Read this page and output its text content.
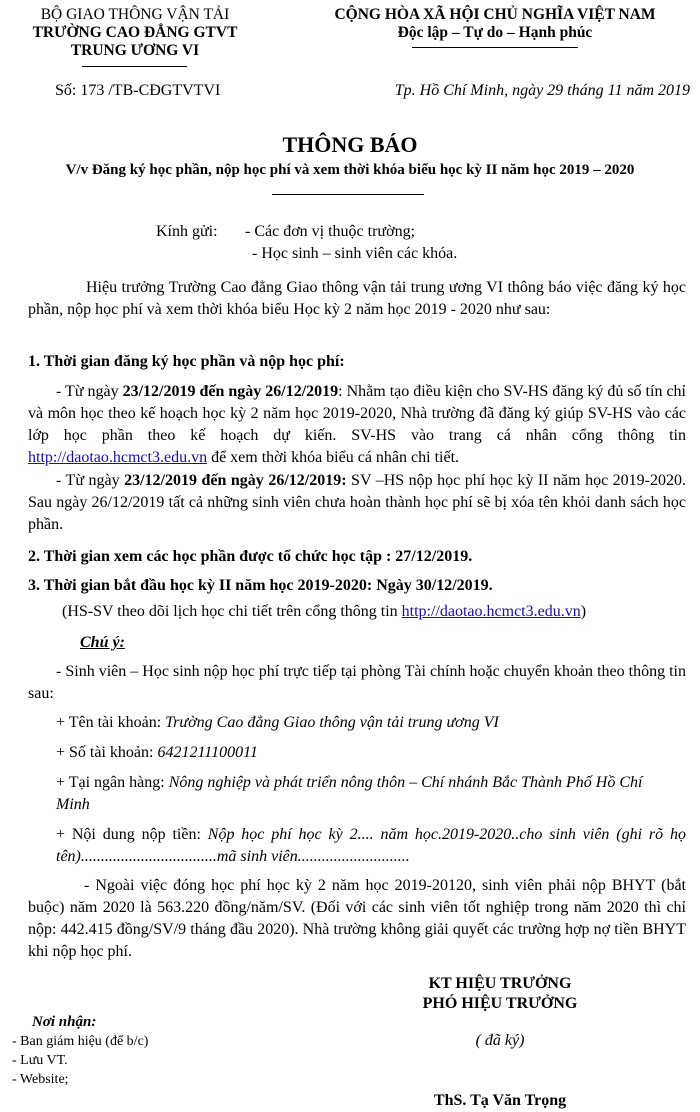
BỘ GIAO THÔNG VẬN TẢI
TRƯỜNG CAO ĐẲNG GTVT
TRUNG ƯƠNG VI
CỘNG HÒA XÃ HỘI CHỦ NGHĨA VIỆT NAM
Độc lập – Tự do – Hạnh phúc
Số: 173 /TB-CĐGTVTVI	Tp. Hồ Chí Minh, ngày 29 tháng 11 năm 2019
THÔNG BÁO
V/v Đăng ký học phần, nộp học phí và xem thời khóa biểu học kỳ II năm học 2019 – 2020
Kính gửi: - Các đơn vị thuộc trường;
- Học sinh – sinh viên các khóa.
Hiệu trưởng Trường Cao đẳng Giao thông vận tải trung ương VI thông báo việc đăng ký học phần, nộp học phí và xem thời khóa biểu Học kỳ 2 năm học 2019 - 2020 như sau:
1. Thời gian đăng ký học phần và nộp học phí:
- Từ ngày 23/12/2019 đến ngày 26/12/2019: Nhằm tạo điều kiện cho SV-HS đăng ký đủ số tín chỉ và môn học theo kế hoạch học kỳ 2 năm học 2019-2020, Nhà trường đã đăng ký giúp SV-HS vào các lớp học phần theo kế hoạch dự kiến. SV-HS vào trang cá nhân cổng thông tin http://daotao.hcmct3.edu.vn để xem thời khóa biểu cá nhân chi tiết.
- Từ ngày 23/12/2019 đến ngày 26/12/2019: SV –HS nộp học phí học kỳ II năm học 2019-2020. Sau ngày 26/12/2019 tất cả những sinh viên chưa hoàn thành học phí sẽ bị xóa tên khỏi danh sách học phần.
2. Thời gian xem các học phần được tổ chức học tập : 27/12/2019.
3. Thời gian bắt đầu học kỳ II năm học 2019-2020: Ngày 30/12/2019.
(HS-SV theo dõi lịch học chi tiết trên cổng thông tin http://daotao.hcmct3.edu.vn)
Chú ý:
- Sinh viên – Học sinh nộp học phí trực tiếp tại phòng Tài chính hoặc chuyển khoản theo thông tin sau:
+ Tên tài khoản: Trường Cao đẳng Giao thông vận tải trung ương VI
+ Số tài khoản: 6421211100011
+ Tại ngân hàng: Nông nghiệp và phát triển nông thôn – Chí nhánh Bắc Thành Phố Hồ Chí Minh
+ Nội dung nộp tiền: Nộp học phí học kỳ 2.... năm học.2019-2020..cho sinh viên (ghi rõ họ tên)..................................mã sinh viên............................
- Ngoài việc đóng học phí học kỳ 2 năm học 2019-20120, sinh viên phải nộp BHYT (bắt buộc) năm 2020 là 563.220 đồng/năm/SV. (Đối với các sinh viên tốt nghiệp trong năm 2020 thì chỉ nộp: 442.415 đồng/SV/9 tháng đầu 2020). Nhà trường không giải quyết các trường hợp nợ tiền BHYT khi nộp học phí.
KT HIỆU TRƯỞNG
PHÓ HIỆU TRƯỞNG
( đã ký)
ThS. Tạ Văn Trọng
Nơi nhận:
- Ban giám hiệu (để b/c)
- Lưu VT.
- Website;
